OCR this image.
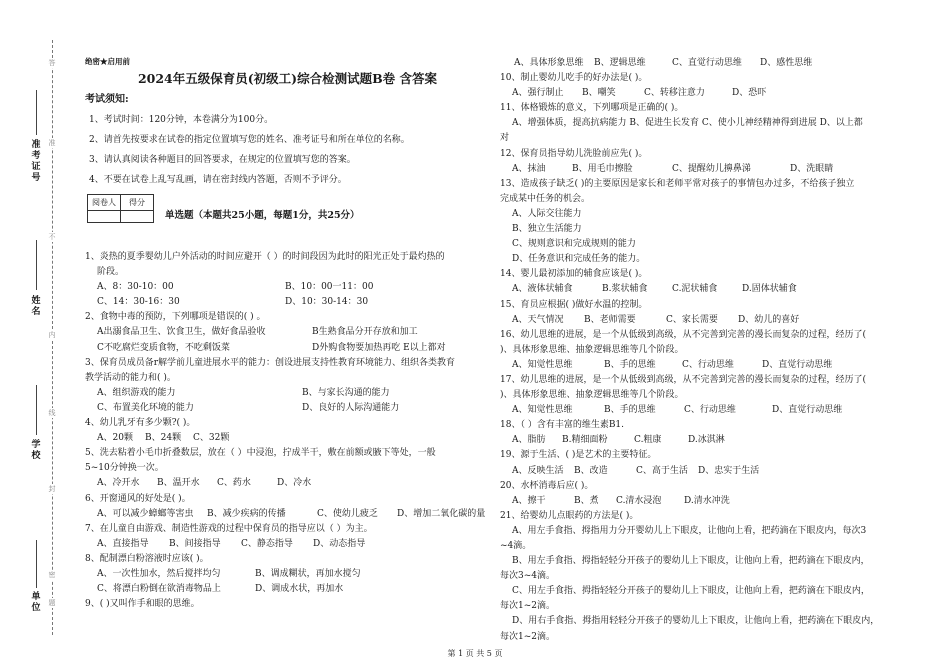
答
准
不
内
线
封
密
题
准考证号
姓名
学校
单位
绝密★启用前
2024年五级保育员(初级工)综合检测试题B卷 含答案
考试须知:
1、考试时间：120分钟，本卷满分为100分。
2、请首先按要求在试卷的指定位置填写您的姓名、准考证号和所在单位的名称。
3、请认真阅读各种题目的回答要求，在规定的位置填写您的答案。
4、不要在试卷上乱写乱画，请在密封线内答题，否则不予评分。
阅卷人	得分

单选题（本题共25小题，每题1分，共25分）
1、炎热的夏季婴幼儿户外活动的时间应避开（ ）的时间段因为此时的阳光正处于最灼热的
阶段。
A、8：30-10：00	B、10：00一11：00
C、14：30-16：30	D、10：30-14：30
2、食物中毒的预防，下列哪项是错误的( ) 。
A出溺食品卫生、饮食卫生，做好食品验收	B生熟食品分开存放和加工
C不吃腐烂变质食物，不吃剩饭菜	D外购食物要加热再吃 E以上都对
3、保育员成员备r解学前儿童进展水平的能力：创设进展支持性教育环境能力、组织各类教育
教学活动的能力和( )。
A、组织游戏的能力	B、与家长沟通的能力
C、布置美化环境的能力	D、良好的人际沟通能力
4、幼儿乳牙有多少颗?( )。
A、20颗	B、24颗	C、32颗
5、洗去粘着小毛巾折叠数层，放在（ ）中浸泡，拧成半干，敷在前额或腋下等处，一般
5~10分钟换一次。
A、冷开水	B、温开水	C、药水	D、冷水
6、开窗通风的好处是( )。
A、可以减少蟑螂等害虫	B、减少疾病的传播	C、使幼儿疲乏	D、增加二氧化碳的量
7、在儿童自由游戏、制造性游戏的过程中保育员的指导应以（ ）为主。
A、直接指导	B、间接指导	C、静态指导	D、动态指导
8、配制漂白粉溶液时应该( )。
A、一次性加水，然后搅拌均匀	B、调成糊状，再加水搅匀
C、将漂白粉倒在欲消毒物品上	D、调成水状，再加水
9、( )又叫作手和眼的思维。
A、具体形象思维	B、逻辑思维	C、直觉行动思维	D、感性思维
10、制止婴幼儿吃手的好办法是( )。
A、强行制止	B、嘲笑	C、转移注意力	D、恐吓
11、体格锻炼的意义，下列哪项是正确的( )。
A、增强体质，提高抗病能力 B、促进生长发育 C、使小儿神经精神得到进展 D、以上都
对
12、保育员指导幼儿洗脸前应先( )。
A、抹油	B、用毛巾擦脸	C、提醒幼儿擤鼻涕	D、洗眼睛
13、造成孩子缺乏( )的主要原因是家长和老师平常对孩子的事情包办过多，不给孩子独立
完成某中任务的机会。
A、人际交往能力
B、独立生活能力
C、规则意识和完成规则的能力
D、任务意识和完成任务的能力。
14、婴儿最初添加的辅食应该是( )。
A、液体状辅食	B.浆状辅食	C.泥状辅食	D.固体状辅食
15、育员应根据( )做好水温的控制。
A、天气情况	B、老师需要	C、家长需要	D、幼儿的喜好
16、幼儿思维的进展，是一个从低级到高级，从不完善到完善的漫长而复杂的过程，经历了(
)、具体形象思维、抽象逻辑思维等几个阶段。
A、知觉性思维	B、手的思维	C、行动思维	D、直觉行动思维
17、幼儿思维的进展，是一个从低级到高级，从不完善到完善的漫长而复杂的过程，经历了(
)、具体形象思维、抽象逻辑思维等几个阶段。
A、知觉性思维	B、手的思维	C、行动思维	D、直觉行动思维
18、（ ）含有丰富的维生素B1.
A、脂肪	B.精细面粉	C.粗康	D.冰淇淋
19、源于生活、( )是艺术的主要特征。
A、反映生活	B、改造	C、高于生活	D、忠实于生活
20、水杯消毒后应( )。
A、擦干	B、煮	C.清水浸泡	D.清水冲洗
21、给婴幼儿点眼药的方法是( )。
A、用左手食指、拇指用力分开婴幼儿上下眼皮，让他向上看，把药滴在下眼皮内，每次3
~4滴。
B、用左手食指、拇指轻轻分开孩子的婴幼儿上下眼皮，让他向上看，把药滴在下眼皮内，
每次3~4滴。
C、用左手食指、拇指轻轻分开孩子的婴幼儿上下眼皮，让他向上看，把药滴在下眼皮内，
每次1~2滴。
D、用右手食指、拇指用轻轻分开孩子的婴幼儿上下眼皮，让他向上看，把药滴在下眼皮内，
每次1~2滴。
第 1 页 共 5 页
